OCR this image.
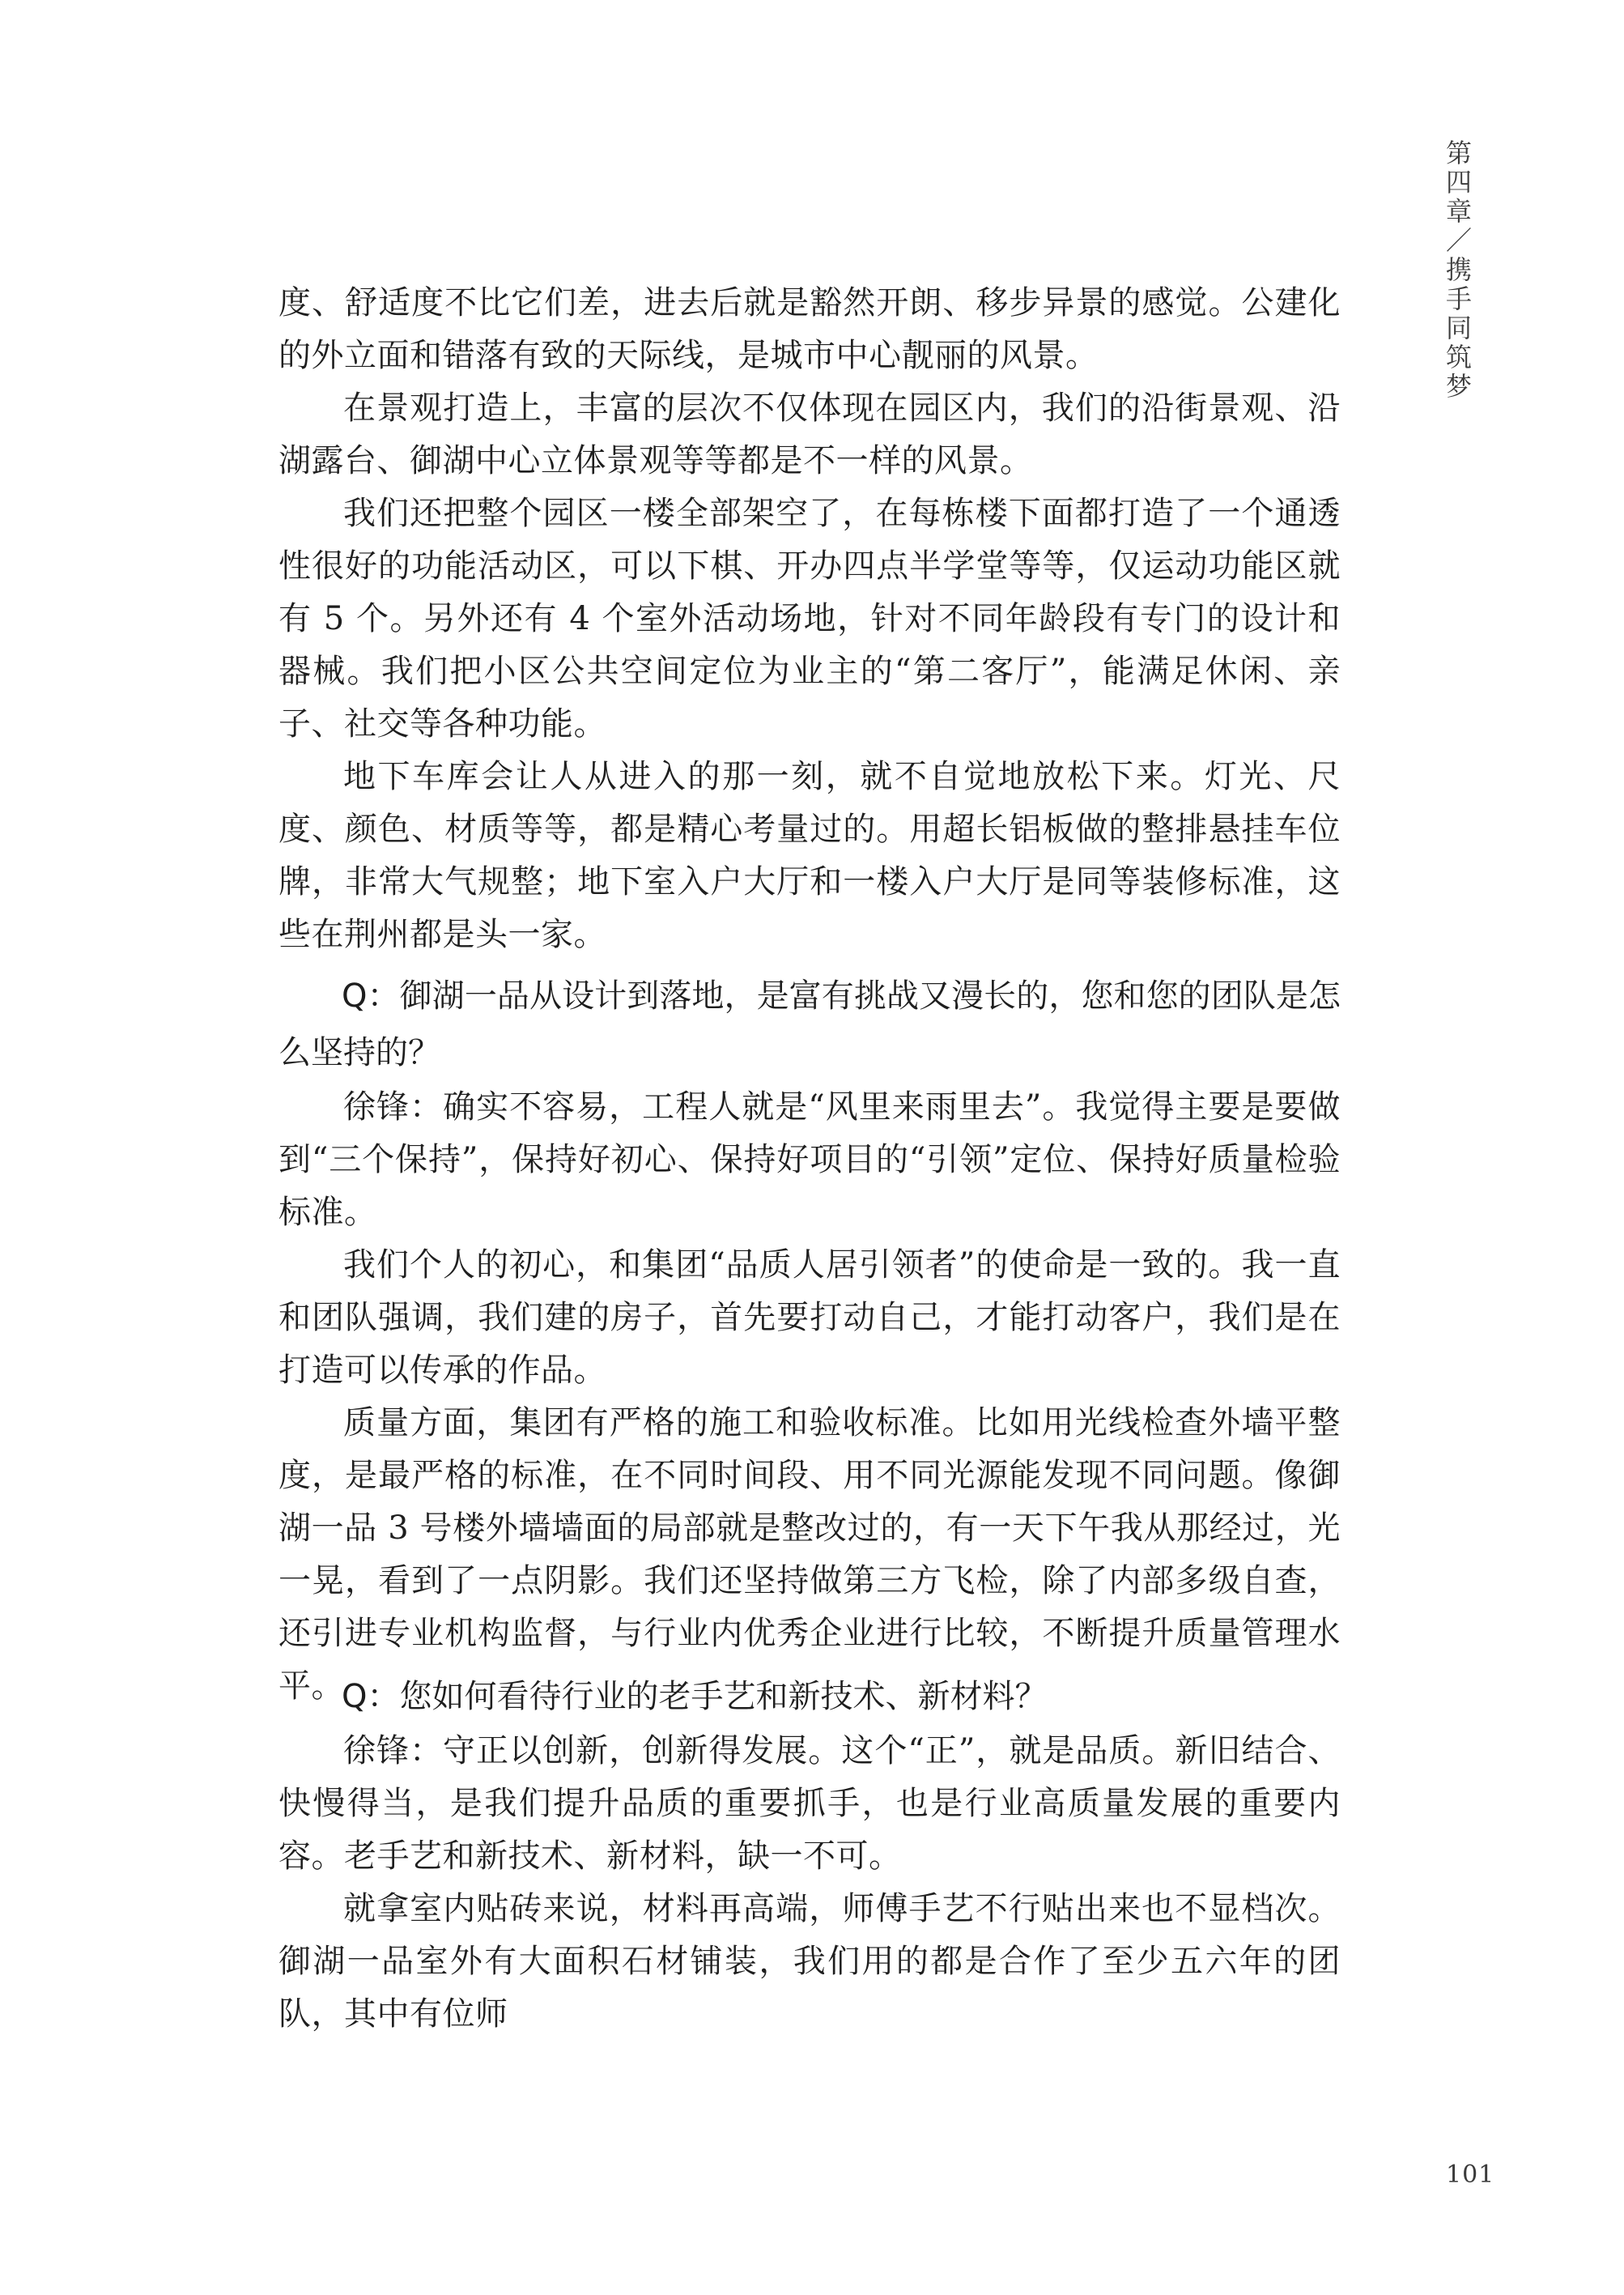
第四章／携手同筑梦

度、舒适度不比它们差，进去后就是豁然开朗、移步异景的感觉。公建化的外立面和错落有致的天际线，是城市中心靓丽的风景。

在景观打造上，丰富的层次不仅体现在园区内，我们的沿街景观、沿湖露台、御湖中心立体景观等等都是不一样的风景。

我们还把整个园区一楼全部架空了，在每栋楼下面都打造了一个通透性很好的功能活动区，可以下棋、开办四点半学堂等等，仅运动功能区就有 5 个。另外还有 4 个室外活动场地，针对不同年龄段有专门的设计和器械。我们把小区公共空间定位为业主的“第二客厅”，能满足休闲、亲子、社交等各种功能。

地下车库会让人从进入的那一刻，就不自觉地放松下来。灯光、尺度、颜色、材质等等，都是精心考量过的。用超长铝板做的整排悬挂车位牌，非常大气规整；地下室入户大厅和一楼入户大厅是同等装修标准，这些在荆州都是头一家。

Q：御湖一品从设计到落地，是富有挑战又漫长的，您和您的团队是怎么坚持的？

徐锋：确实不容易，工程人就是“风里来雨里去”。我觉得主要是要做到“三个保持”，保持好初心、保持好项目的“引领”定位、保持好质量检验标准。

我们个人的初心，和集团“品质人居引领者”的使命是一致的。我一直和团队强调，我们建的房子，首先要打动自己，才能打动客户，我们是在打造可以传承的作品。

质量方面，集团有严格的施工和验收标准。比如用光线检查外墙平整度，是最严格的标准，在不同时间段、用不同光源能发现不同问题。像御湖一品 3 号楼外墙墙面的局部就是整改过的，有一天下午我从那经过，光一晃，看到了一点阴影。我们还坚持做第三方飞检，除了内部多级自查，还引进专业机构监督，与行业内优秀企业进行比较，不断提升质量管理水平。

Q：您如何看待行业的老手艺和新技术、新材料？

徐锋：守正以创新，创新得发展。这个“正”，就是品质。新旧结合、快慢得当，是我们提升品质的重要抓手，也是行业高质量发展的重要内容。老手艺和新技术、新材料，缺一不可。

就拿室内贴砖来说，材料再高端，师傅手艺不行贴出来也不显档次。御湖一品室外有大面积石材铺装，我们用的都是合作了至少五六年的团队，其中有位师

101
